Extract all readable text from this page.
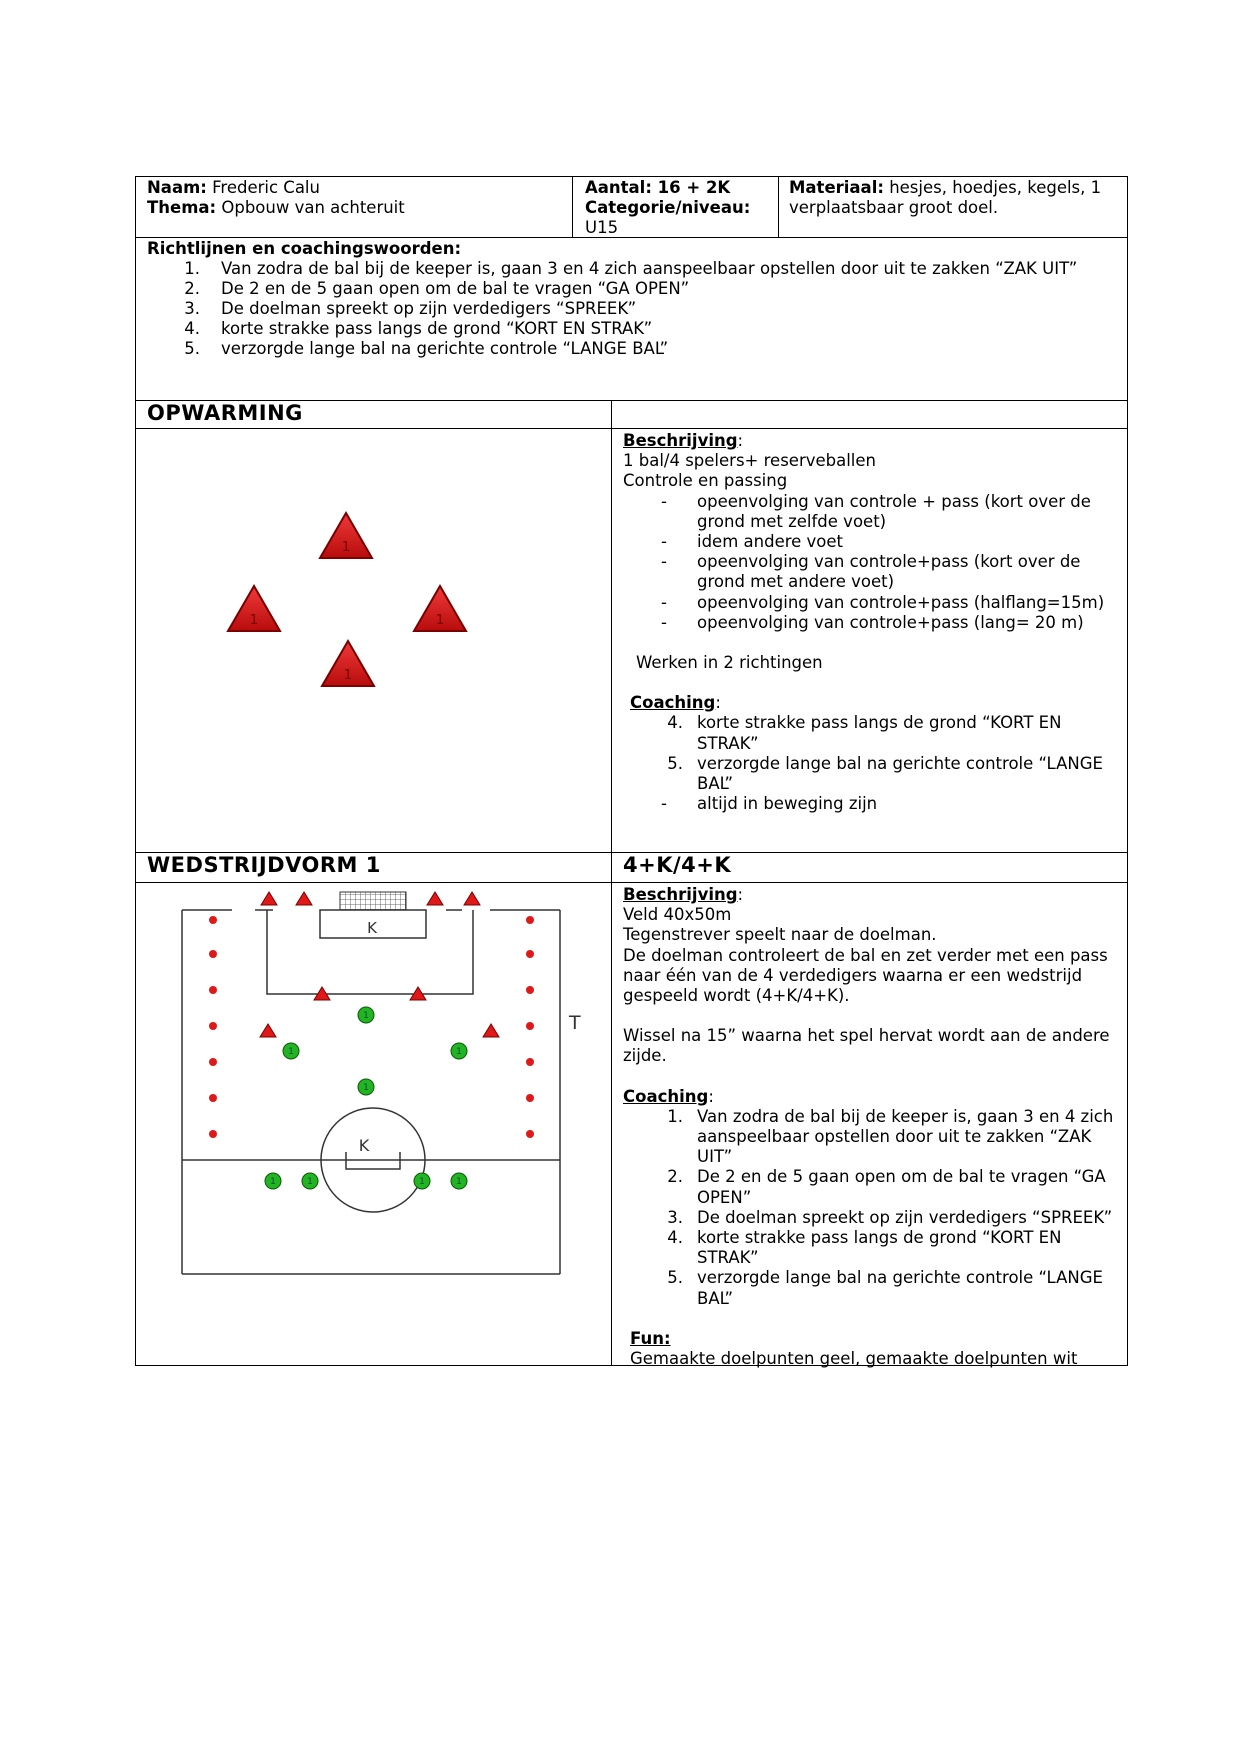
Naam: Frederic Calu
Thema: Opbouw van achteruit
Aantal: 16 + 2K
Categorie/niveau:
U15
Materiaal: hesjes, hoedjes, kegels, 1 verplaatsbaar groot doel.
Richtlijnen en coachingswoorden:
1. Van zodra de bal bij de keeper is, gaan 3 en 4 zich aanspeelbaar opstellen door uit te zakken “ZAK UIT”
2. De 2 en de 5 gaan open om de bal te vragen “GA OPEN”
3. De doelman spreekt op zijn verdedigers “SPREEK”
4. korte strakke pass langs de grond “KORT EN STRAK”
5. verzorgde lange bal na gerichte controle “LANGE BAL”
OPWARMING
1
1	1
1
Beschrijving:
1 bal/4 spelers+ reserveballen
Controle en passing
-	opeenvolging van controle + pass (kort over de grond met zelfde voet)
-	idem andere voet
-	opeenvolging van controle+pass (kort over de grond met andere voet)
-	opeenvolging van controle+pass (halflang=15m)
-	opeenvolging van controle+pass (lang= 20 m)
Werken in 2 richtingen
Coaching:
4. korte strakke pass langs de grond “KORT EN STRAK”
5. verzorgde lange bal na gerichte controle “LANGE BAL”
-	altijd in beweging zijn
WEDSTRIJDVORM 1	4+K/4+K
K
K
T
1
1	1
1
1	1	1	1
Beschrijving:
Veld 40x50m
Tegenstrever speelt naar de doelman.
De doelman controleert de bal en zet verder met een pass naar één van de 4 verdedigers waarna er een wedstrijd gespeeld wordt (4+K/4+K).
Wissel na 15” waarna het spel hervat wordt aan de andere zijde.
Coaching:
1. Van zodra de bal bij de keeper is, gaan 3 en 4 zich aanspeelbaar opstellen door uit te zakken “ZAK UIT”
2. De 2 en de 5 gaan open om de bal te vragen “GA OPEN”
3. De doelman spreekt op zijn verdedigers “SPREEK”
4. korte strakke pass langs de grond “KORT EN STRAK”
5. verzorgde lange bal na gerichte controle “LANGE BAL”
Fun:
Gemaakte doelpunten geel, gemaakte doelpunten wit
